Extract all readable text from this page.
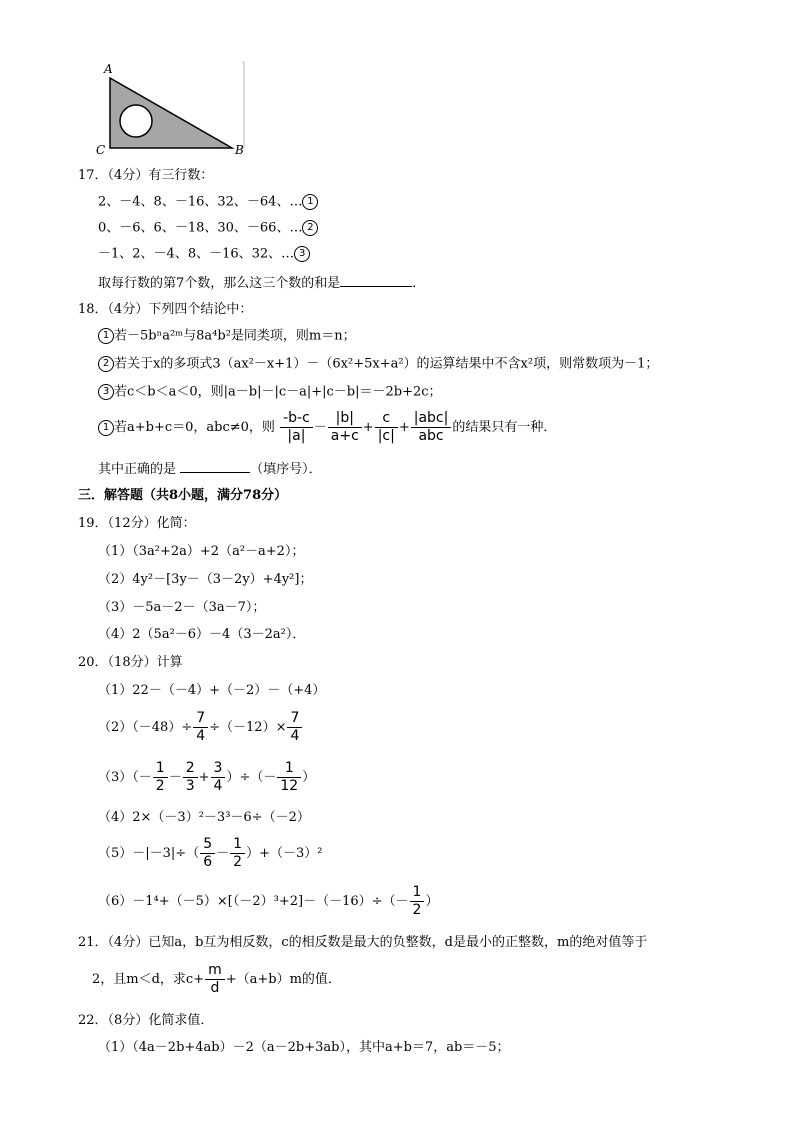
A
C	B
17．（4分）有三行数：
2、－4、8、－16、32、－64、… 1
0、－6、6、－18、30、－66、… 2
－1、2、－4、8、－16、32、… 3
取每行数的第7个数，那么这三个数的和是	．
18．（4分）下列四个结论中：
1 若－5bⁿa²ᵐ与8a⁴b²是同类项，则m＝n；
2 若关于x的多项式3（ax²－x+1）－（6x²+5x+a²）的运算结果中不含x²项，则常数项为－1；
3 若c＜b＜a＜0，则|a－b|－|c－a|+|c－b|＝－2b+2c；
1 若a+b+c＝0，abc≠0，则 $\frac{-b-c}{|a|} - \frac{|b|}{a+c} + \frac{c}{|c|} + \frac{\text{|abc|}}{\text{abc}}$ 的结果只有一种．
其中正确的是	（填序号）．
三．解答题（共8小题，满分78分）
19．（12分）化简：
（1）（3a²+2a）+2（a²－a+2）；
（2）4y²－[3y－（3－2y）+4y²]；
（3）－5a－2－（3a－7）；
（4）2（5a²－6）－4（3－2a²）．
20．（18分）计算
（1）22－（－4）+（－2）－（+4）
$(2)(-48)\div \frac{7}{4} \div(-12)\times \frac{7}{4}$
$(3)(- \frac{1}{2} - \frac{2}{3} + \frac{3}{4}$ ）÷（－ $\frac{1}{12}$ ）
（4）2×（－3）²－3³－6÷（－2）
$(5)-|-3|\div( \frac{5}{6} - \frac{1}{2} )+(-3)^2$
$(6)-1^4+(-5)\times[(-2)^3+2]-(-16)\div(- \frac{1}{2}$ ）
21．（4分）已知a，b互为相反数，c的相反数是最大的负整数，d是最小的正整数，m的绝对值等于
2，且m＜d，求$c+ \frac{m}{d} +(a+b)m$的值．
22．（8分）化简求值．
（1）（4a－2b+4ab）－2（a－2b+3ab），其中a+b＝7，ab＝－5；
